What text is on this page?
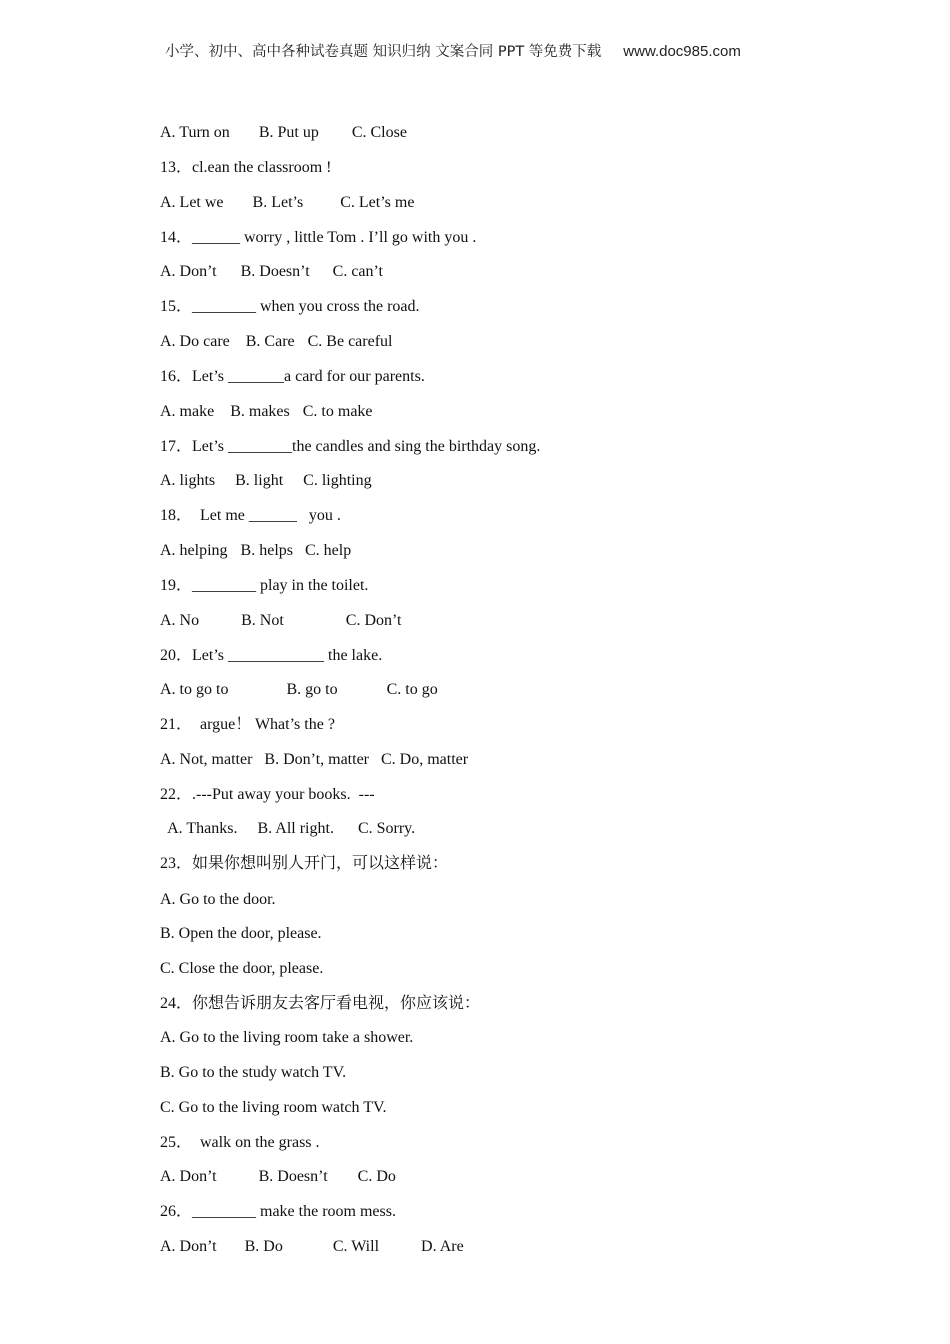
小学、初中、高中各种试卷真题 知识归纳 文案合同 PPT 等免费下载 www.doc985.com
A. Turn on B. Put up C. Close
13．cl.ean the classroom !
A. Let we B. Let’s C. Let’s me
14．______ worry , little Tom . I’ll go with you .
A. Don’t B. Doesn’t C. can’t
15．________ when you cross the road.
A. Do care B. Care C. Be careful
16．Let’s _______a card for our parents.
A. make B. makes C. to make
17．Let’s ________the candles and sing the birthday song.
A. lights B. light C. lighting
18．  Let me ______   you .
A. helping B. helps C. help
19．________ play in the toilet.
A. No	B. Not	C. Don’t
20．Let’s ____________ the lake.
A. to go to	B. go to	C. to go
21．  argue！ What’s the ?
A. Not, matter B. Don’t, matter C. Do, matter
22．.---Put away your books.  ---
A. Thanks. B. All right. C. Sorry.
23．如果你想叫别人开门，可以这样说：
A. Go to the door.
B. Open the door, please.
C. Close the door, please.
24．你想告诉朋友去客厅看电视，你应该说：
A. Go to the living room take a shower.
B. Go to the study watch TV.
C. Go to the living room watch TV.
25．  walk on the grass .
A. Don’t	B. Doesn’t C. Do
26．________ make the room mess.
A. Don’t B. Do	C. Will	D. Are
